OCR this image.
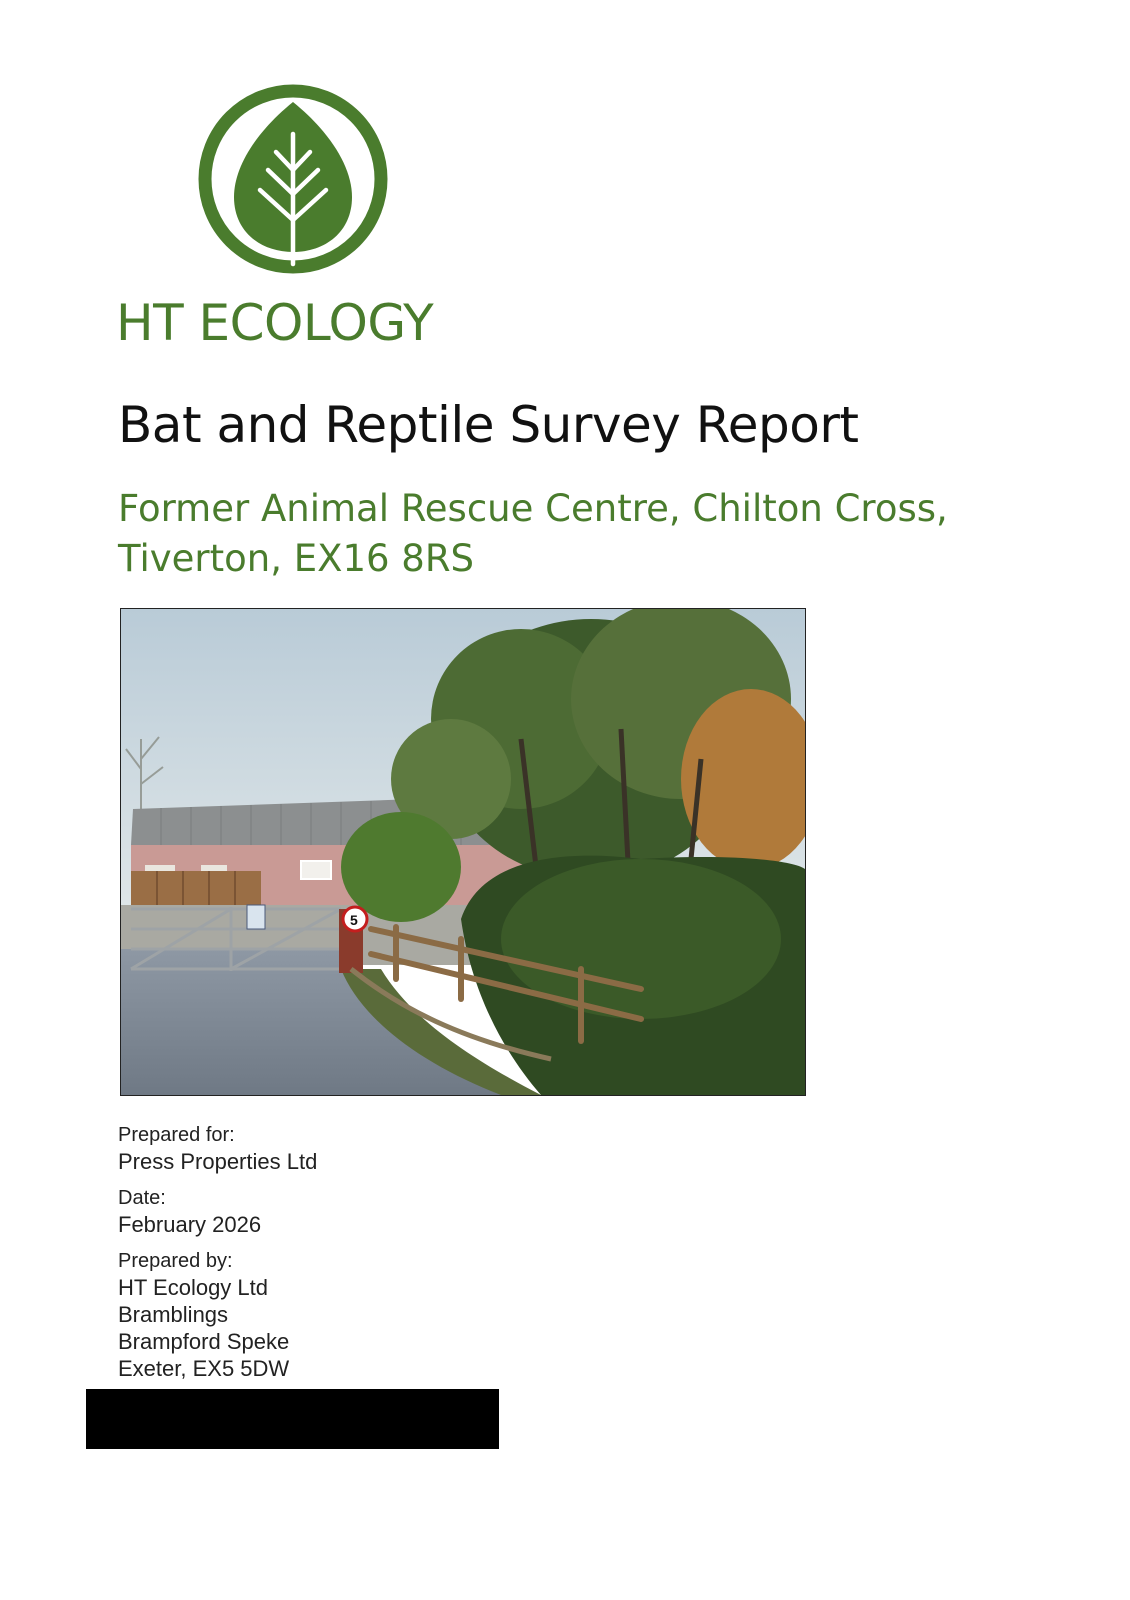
HT ECOLOGY
Bat and Reptile Survey Report
Former Animal Rescue Centre, Chilton Cross,
Tiverton, EX16 8RS
5
Prepared for:
Press Properties Ltd
Date:
February 2026
Prepared by:
HT Ecology Ltd
Bramblings
Brampford Speke
Exeter, EX5 5DW
